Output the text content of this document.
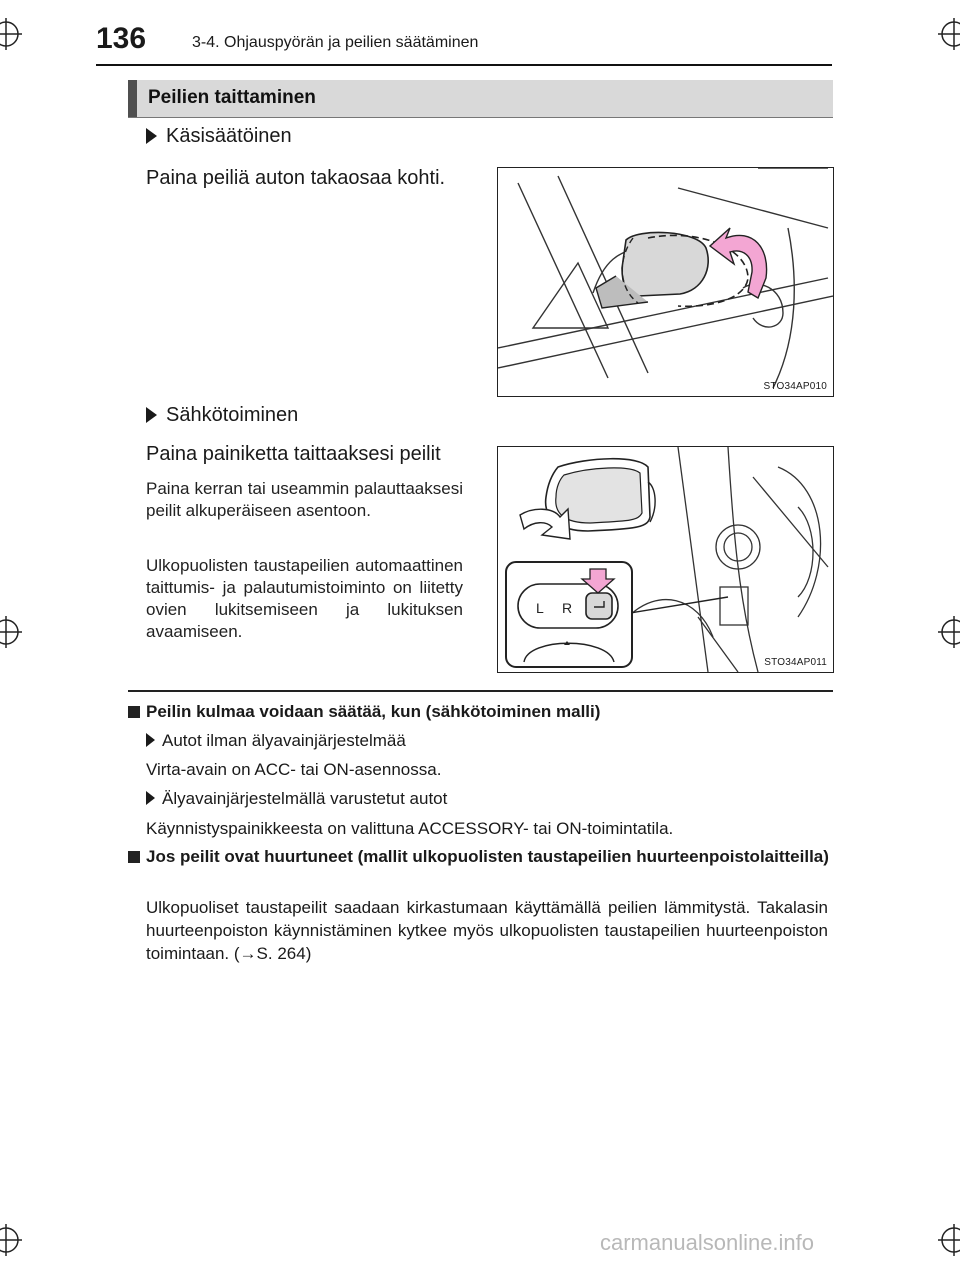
136	3-4. Ohjauspyörän ja peilien säätäminen
Peilien taittaminen
Käsisäätöinen
Paina peiliä auton takaosaa kohti.
STO34AP010
Sähkötoiminen
Paina painiketta taittaaksesi peilit
Paina kerran tai useammin palauttaaksesi peilit alkuperäiseen asentoon.
Ulkopuolisten taustapeilien automaattinen taittumis- ja palautumistoiminto on liitetty ovien lukitsemiseen ja lukituksen avaamiseen.
L R
STO34AP011
Peilin kulmaa voidaan säätää, kun (sähkötoiminen malli)
Autot ilman älyavainjärjestelmää
Virta-avain on ACC- tai ON-asennossa.
Älyavainjärjestelmällä varustetut autot
Käynnistyspainikkeesta on valittuna ACCESSORY- tai ON-toimintatila.
Jos peilit ovat huurtuneet (mallit ulkopuolisten taustapeilien huurteenpoistolaitteilla)
Ulkopuoliset taustapeilit saadaan kirkastumaan käyttämällä peilien lämmitystä. Takalasin huurteenpoiston käynnistäminen kytkee myös ulkopuolisten taustapeilien huurteenpoiston toimintaan. (→S. 264)
carmanualsonline.info
